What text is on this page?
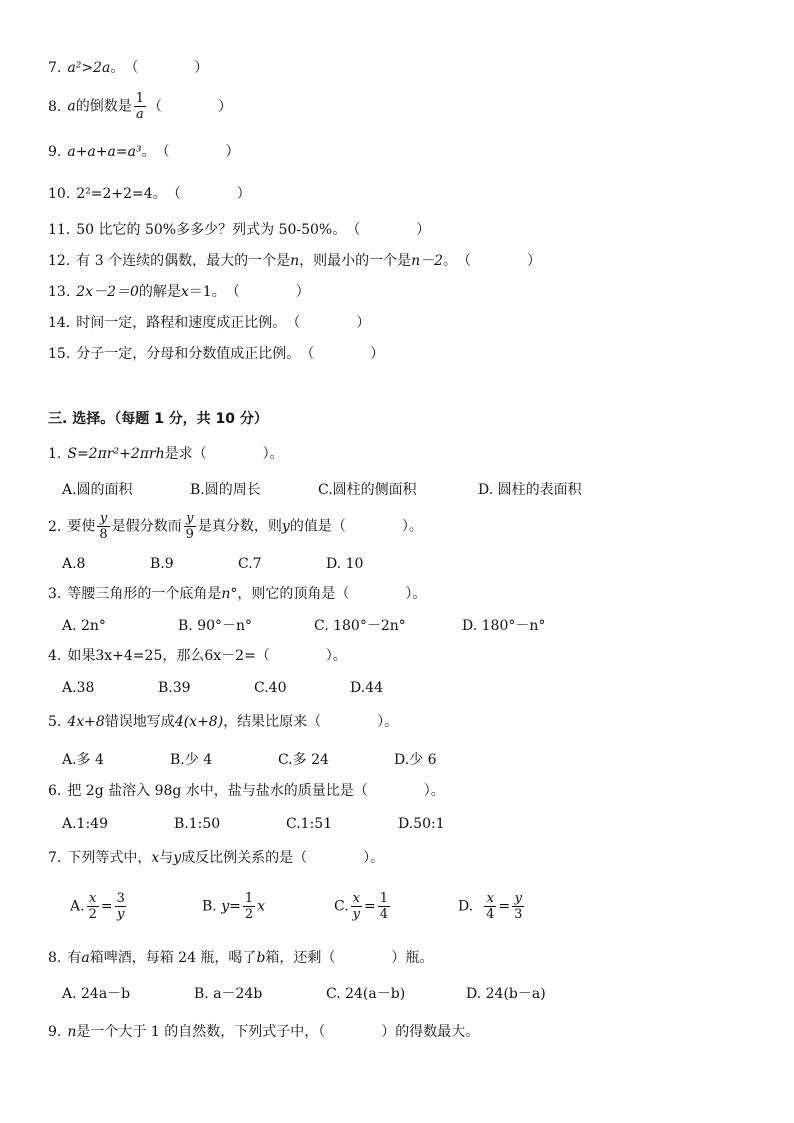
7. a²>2a。（　　　　）
8. a的倒数是 $\frac{1}{a}$ （　　　　）
9. a+a+a=a³。（　　　　）
10. 2²=2+2=4。（　　　　）
11. 50 比它的 50%多多少？列式为 50-50%。（　　　　）
12. 有 3 个连续的偶数，最大的一个是n，则最小的一个是n－2。（　　　　）
13. 2x－2＝0的解是x＝1。（　　　　）
14. 时间一定，路程和速度成正比例。（　　　　）
15. 分子一定，分母和分数值成正比例。（　　　　）
三. 选择。（每题 1 分，共 10 分）
1. S=2πr²+2πrh是求（　　　　）。
A.圆的面积	B.圆的周长	C.圆柱的侧面积	D. 圆柱的表面积
2. 要使 $\frac{y}{8}$ 是假分数而 $\frac{y}{9}$ 是真分数，则y的值是（　　　　）。
A.8	B.9	C.7	D. 10
3. 等腰三角形的一个底角是n°，则它的顶角是（　　　　）。
A. 2n°	B. 90°－n°	C. 180°－2n°	D. 180°－n°
4. 如果3x+4=25，那么6x－2=（　　　　）。
A.38	B.39	C.40	D.44
5. 4x+8错误地写成4(x+8)，结果比原来（　　　　）。
A.多 4	B.少 4	C.多 24	D.少 6
6. 把 2g 盐溶入 98g 水中，盐与盐水的质量比是（　　　　）。
A.1:49	B.1:50	C.1:51	D.50:1
7. 下列等式中，x与y成反比例关系的是（　　　　）。
A. $\frac{x}{2} = \frac{3}{y}$	B. $y= \frac{1}{2}$ x	C. $\frac{x}{y} = \frac{1}{4}$	D. $\frac{x}{4} = \frac{y}{3}$
8. 有a箱啤酒，每箱 24 瓶，喝了b箱，还剩（　　　　）瓶。
A. 24a－b	B. a－24b	C. 24(a－b)	D. 24(b－a)
9. n是一个大于 1 的自然数，下列式子中，（　　　　）的得数最大。
